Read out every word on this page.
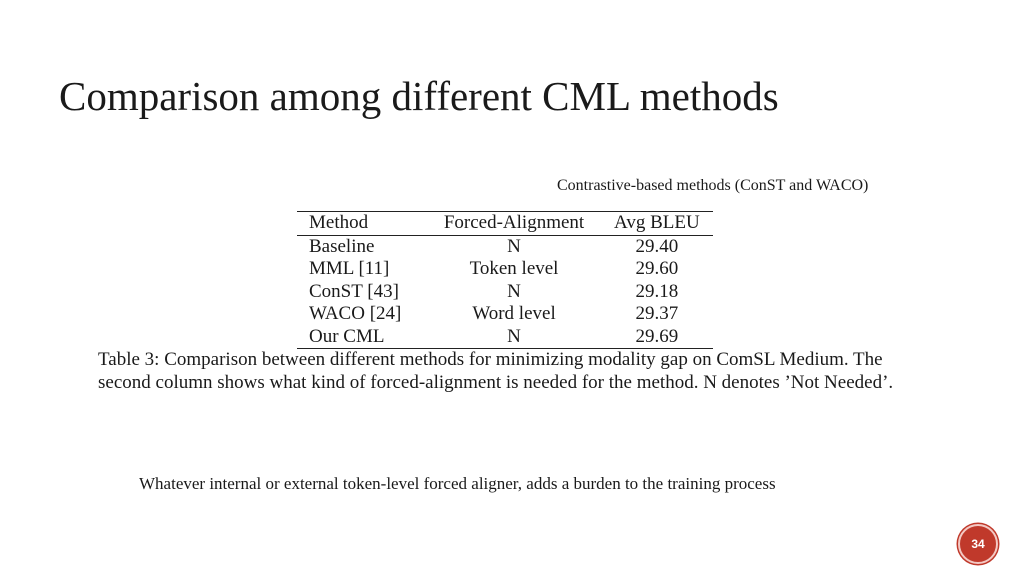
Comparison among different CML methods
Contrastive-based methods (ConST and WACO)
Method	Forced-Alignment	Avg BLEU
Baseline	N	29.40
MML [11]	Token level	29.60
ConST [43]	N	29.18
WACO [24]	Word level	29.37
Our CML	N	29.69
Table 3: Comparison between different methods for minimizing modality gap on ComSL Medium. The second column shows what kind of forced-alignment is needed for the method. N denotes ’Not Needed’.
Whatever internal or external token-level forced aligner, adds a burden to the training process
34
